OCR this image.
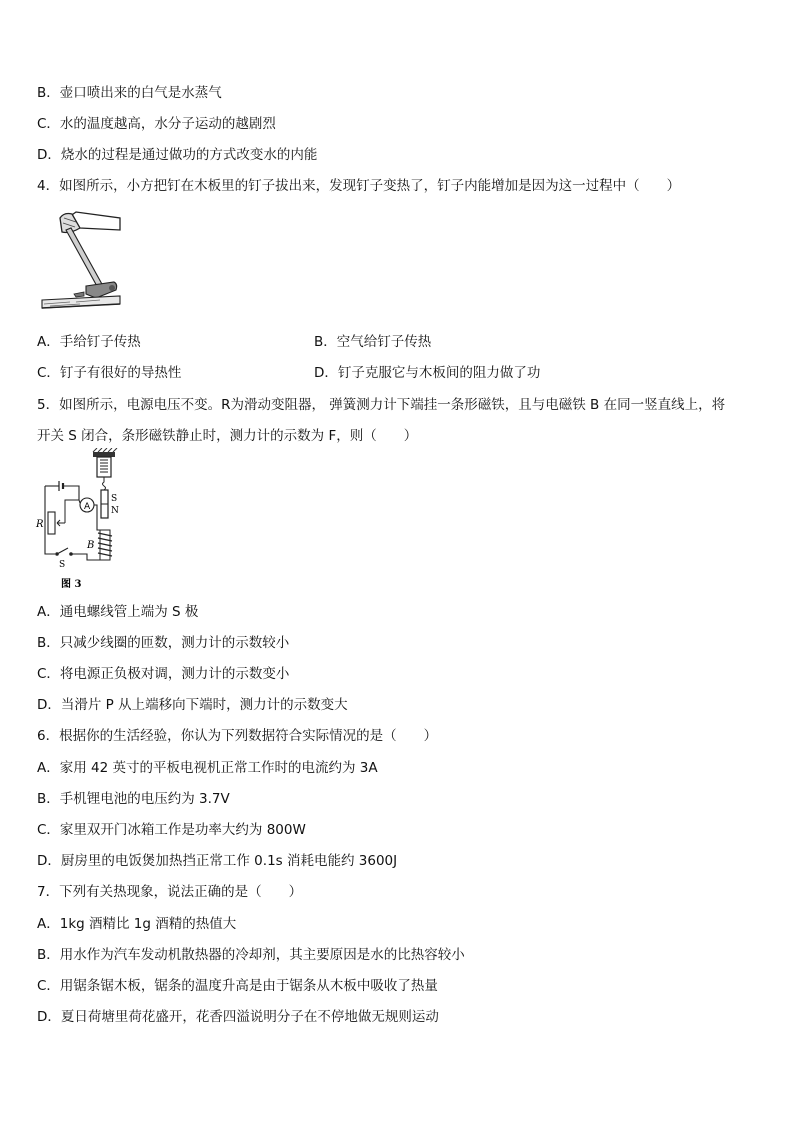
B．壶口喷出来的白气是水蒸气
C．水的温度越高，水分子运动的越剧烈
D．烧水的过程是通过做功的方式改变水的内能
4．如图所示，小方把钉在木板里的钉子拔出来，发现钉子变热了，钉子内能增加是因为这一过程中（　　）
A．手给钉子传热	B．空气给钉子传热
C．钉子有很好的导热性	D．钉子克服它与木板间的阻力做了功
5．如图所示，电源电压不变。R为滑动变阻器， 弹簧测力计下端挂一条形磁铁，且与电磁铁 B 在同一竖直线上，将
开关 S 闭合，条形磁铁静止时，测力计的示数为 F，则（　　）
S
N
B
A
R
S
图 3
A．通电螺线管上端为 S 极
B．只减少线圈的匝数，测力计的示数较小
C．将电源正负极对调，测力计的示数变小
D．当滑片 P 从上端移向下端时，测力计的示数变大
6．根据你的生活经验，你认为下列数据符合实际情况的是（　　）
A．家用 42 英寸的平板电视机正常工作时的电流约为 3A
B．手机锂电池的电压约为 3.7V
C．家里双开门冰箱工作是功率大约为 800W
D．厨房里的电饭煲加热挡正常工作 0.1s 消耗电能约 3600J
7．下列有关热现象，说法正确的是（　　）
A．1kg 酒精比 1g 酒精的热值大
B．用水作为汽车发动机散热器的冷却剂，其主要原因是水的比热容较小
C．用锯条锯木板，锯条的温度升高是由于锯条从木板中吸收了热量
D．夏日荷塘里荷花盛开，花香四溢说明分子在不停地做无规则运动
